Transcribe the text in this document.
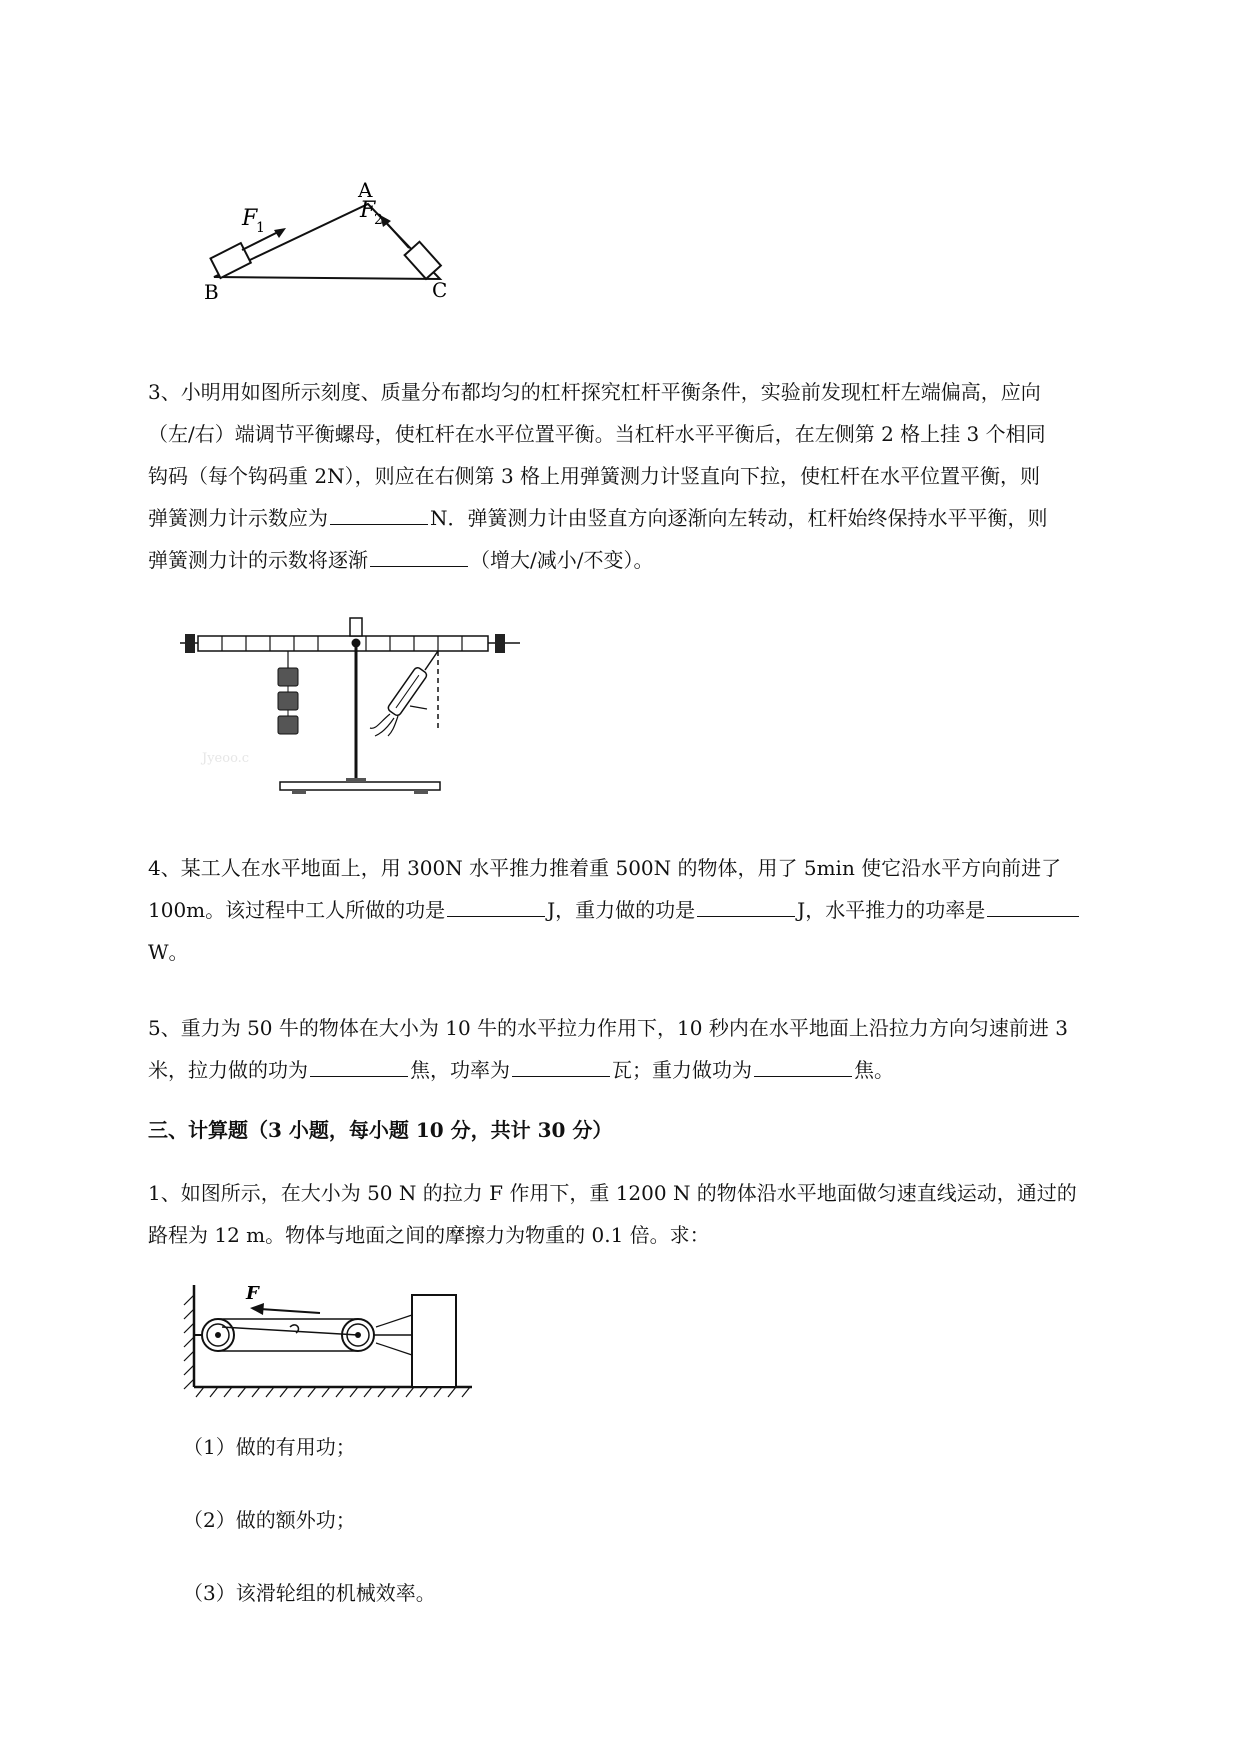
F
1
F
2
A
B	C
3、小明用如图所示刻度、质量分布都均匀的杠杆探究杠杆平衡条件，实验前发现杠杆左端偏高，应向
（左/右）端调节平衡螺母，使杠杆在水平位置平衡。当杠杆水平平衡后，在左侧第 2 格上挂 3 个相同
钩码（每个钩码重 2N），则应在右侧第 3 格上用弹簧测力计竖直向下拉，使杠杆在水平位置平衡，则
弹簧测力计示数应为	N．弹簧测力计由竖直方向逐渐向左转动，杠杆始终保持水平平衡，则
弹簧测力计的示数将逐渐	（增大/减小/不变）。
Jyeoo.c
4、某工人在水平地面上，用 300N 水平推力推着重 500N 的物体，用了 5min 使它沿水平方向前进了
100m。该过程中工人所做的功是	J，重力做的功是	J，水平推力的功率是
W。
5、重力为 50 牛的物体在大小为 10 牛的水平拉力作用下，10 秒内在水平地面上沿拉力方向匀速前进 3
米，拉力做的功为	焦，功率为	瓦；重力做功为	焦。
三、计算题（3 小题，每小题 10 分，共计 30 分）
1、如图所示，在大小为 50 N 的拉力 F 作用下，重 1200 N 的物体沿水平地面做匀速直线运动，通过的
路程为 12 m。物体与地面之间的摩擦力为物重的 0.1 倍。求：
F
（1）做的有用功；
（2）做的额外功；
（3）该滑轮组的机械效率。
